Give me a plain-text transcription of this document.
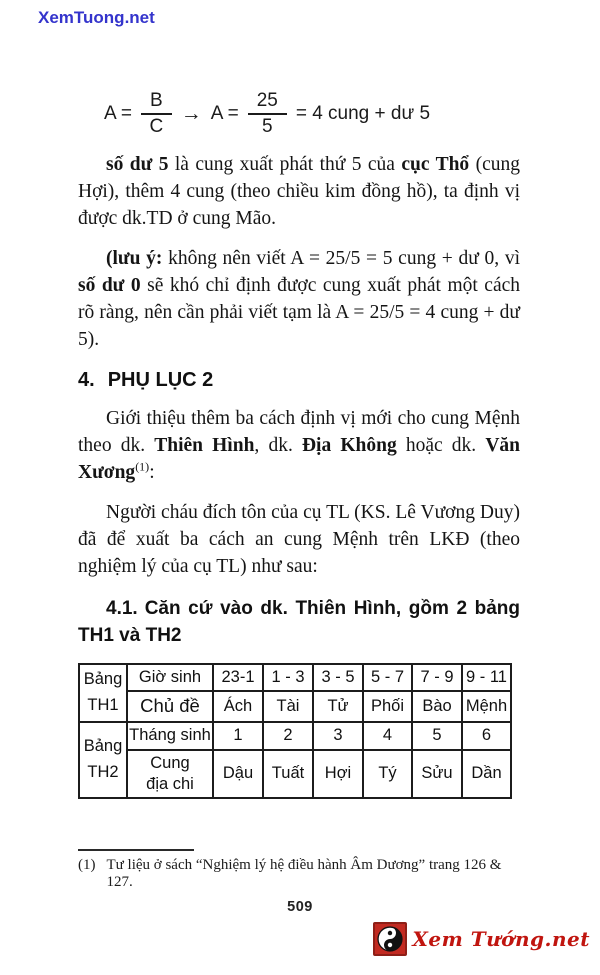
XemTuong.net
$A = \frac{B}{C} \to A = \frac{25}{5} = 4$ cung + dư 5

số dư 5 là cung xuất phát thứ 5 của cục Thổ (cung Hợi), thêm 4 cung (theo chiều kim đồng hồ), ta định vị được dk.TD ở cung Mão.

(lưu ý: không nên viết A = 25/5 = 5 cung + dư 0, vì số dư 0 sẽ khó chỉ định được cung xuất phát một cách rõ ràng, nên cần phải viết tạm là A = 25/5 = 4 cung + dư 5).

4. PHỤ LỤC 2

Giới thiệu thêm ba cách định vị mới cho cung Mệnh theo dk. Thiên Hình, dk. Địa Không hoặc dk. Văn Xương$^{(1)}$:

Người cháu đích tôn của cụ TL (KS. Lê Vương Duy) đã để xuất ba cách an cung Mệnh trên LKĐ (theo nghiệm lý của cụ TL) như sau:

4.1. Căn cứ vào dk. Thiên Hình, gồm 2 bảng TH1 và TH2
Bảng
TH1	Giờ sinh	23-1	1 - 3	3 - 5	5 - 7	7 - 9	9 - 11
	Chủ đề	Ách	Tài	Tử	Phối	Bào	Mệnh
Bảng
TH2	Tháng sinh	1	2	3	4	5	6
	Cung
địa chi	Dậu	Tuất	Hợi	Tý	Sửu	Dần
(1) Tư liệu ở sách “Nghiệm lý hệ điều hành Âm Dương” trang 126 & 127.
509
Xem Tướng.net
